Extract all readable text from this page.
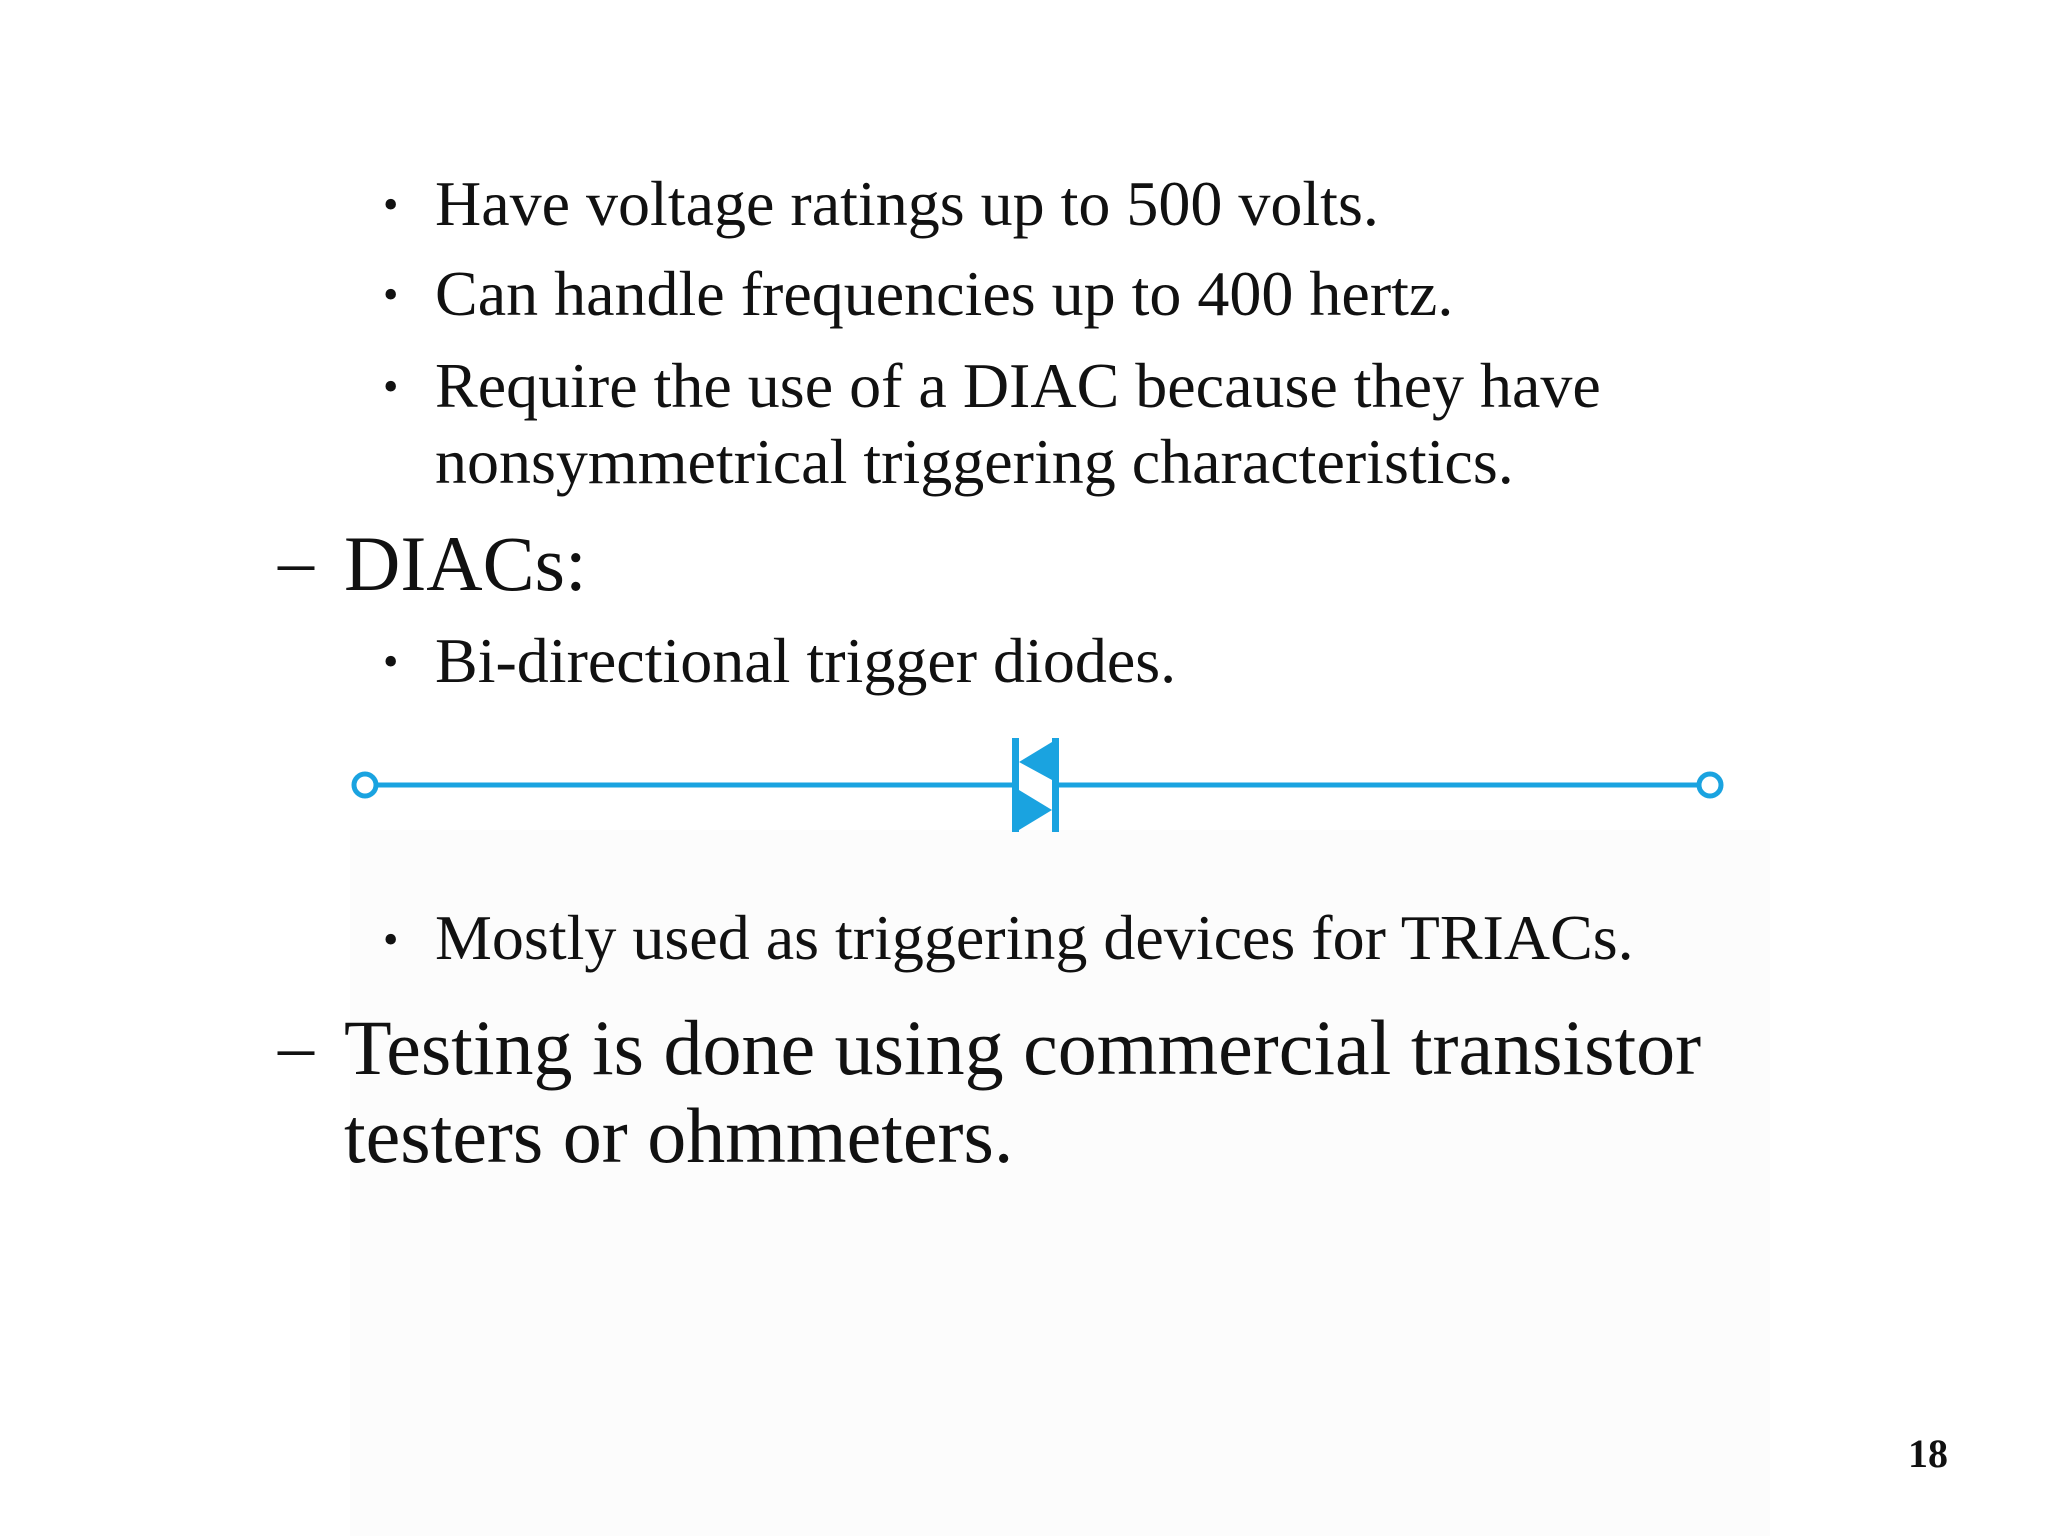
• Have voltage ratings up to 500 volts.
• Can handle frequencies up to 400 hertz.
• Require the use of a DIAC because they have
nonsymmetrical triggering characteristics.
– DIACs:
• Bi-directional trigger diodes.
• Mostly used as triggering devices for TRIACs.
– Testing is done using commercial transistor
testers or ohmmeters.
18
